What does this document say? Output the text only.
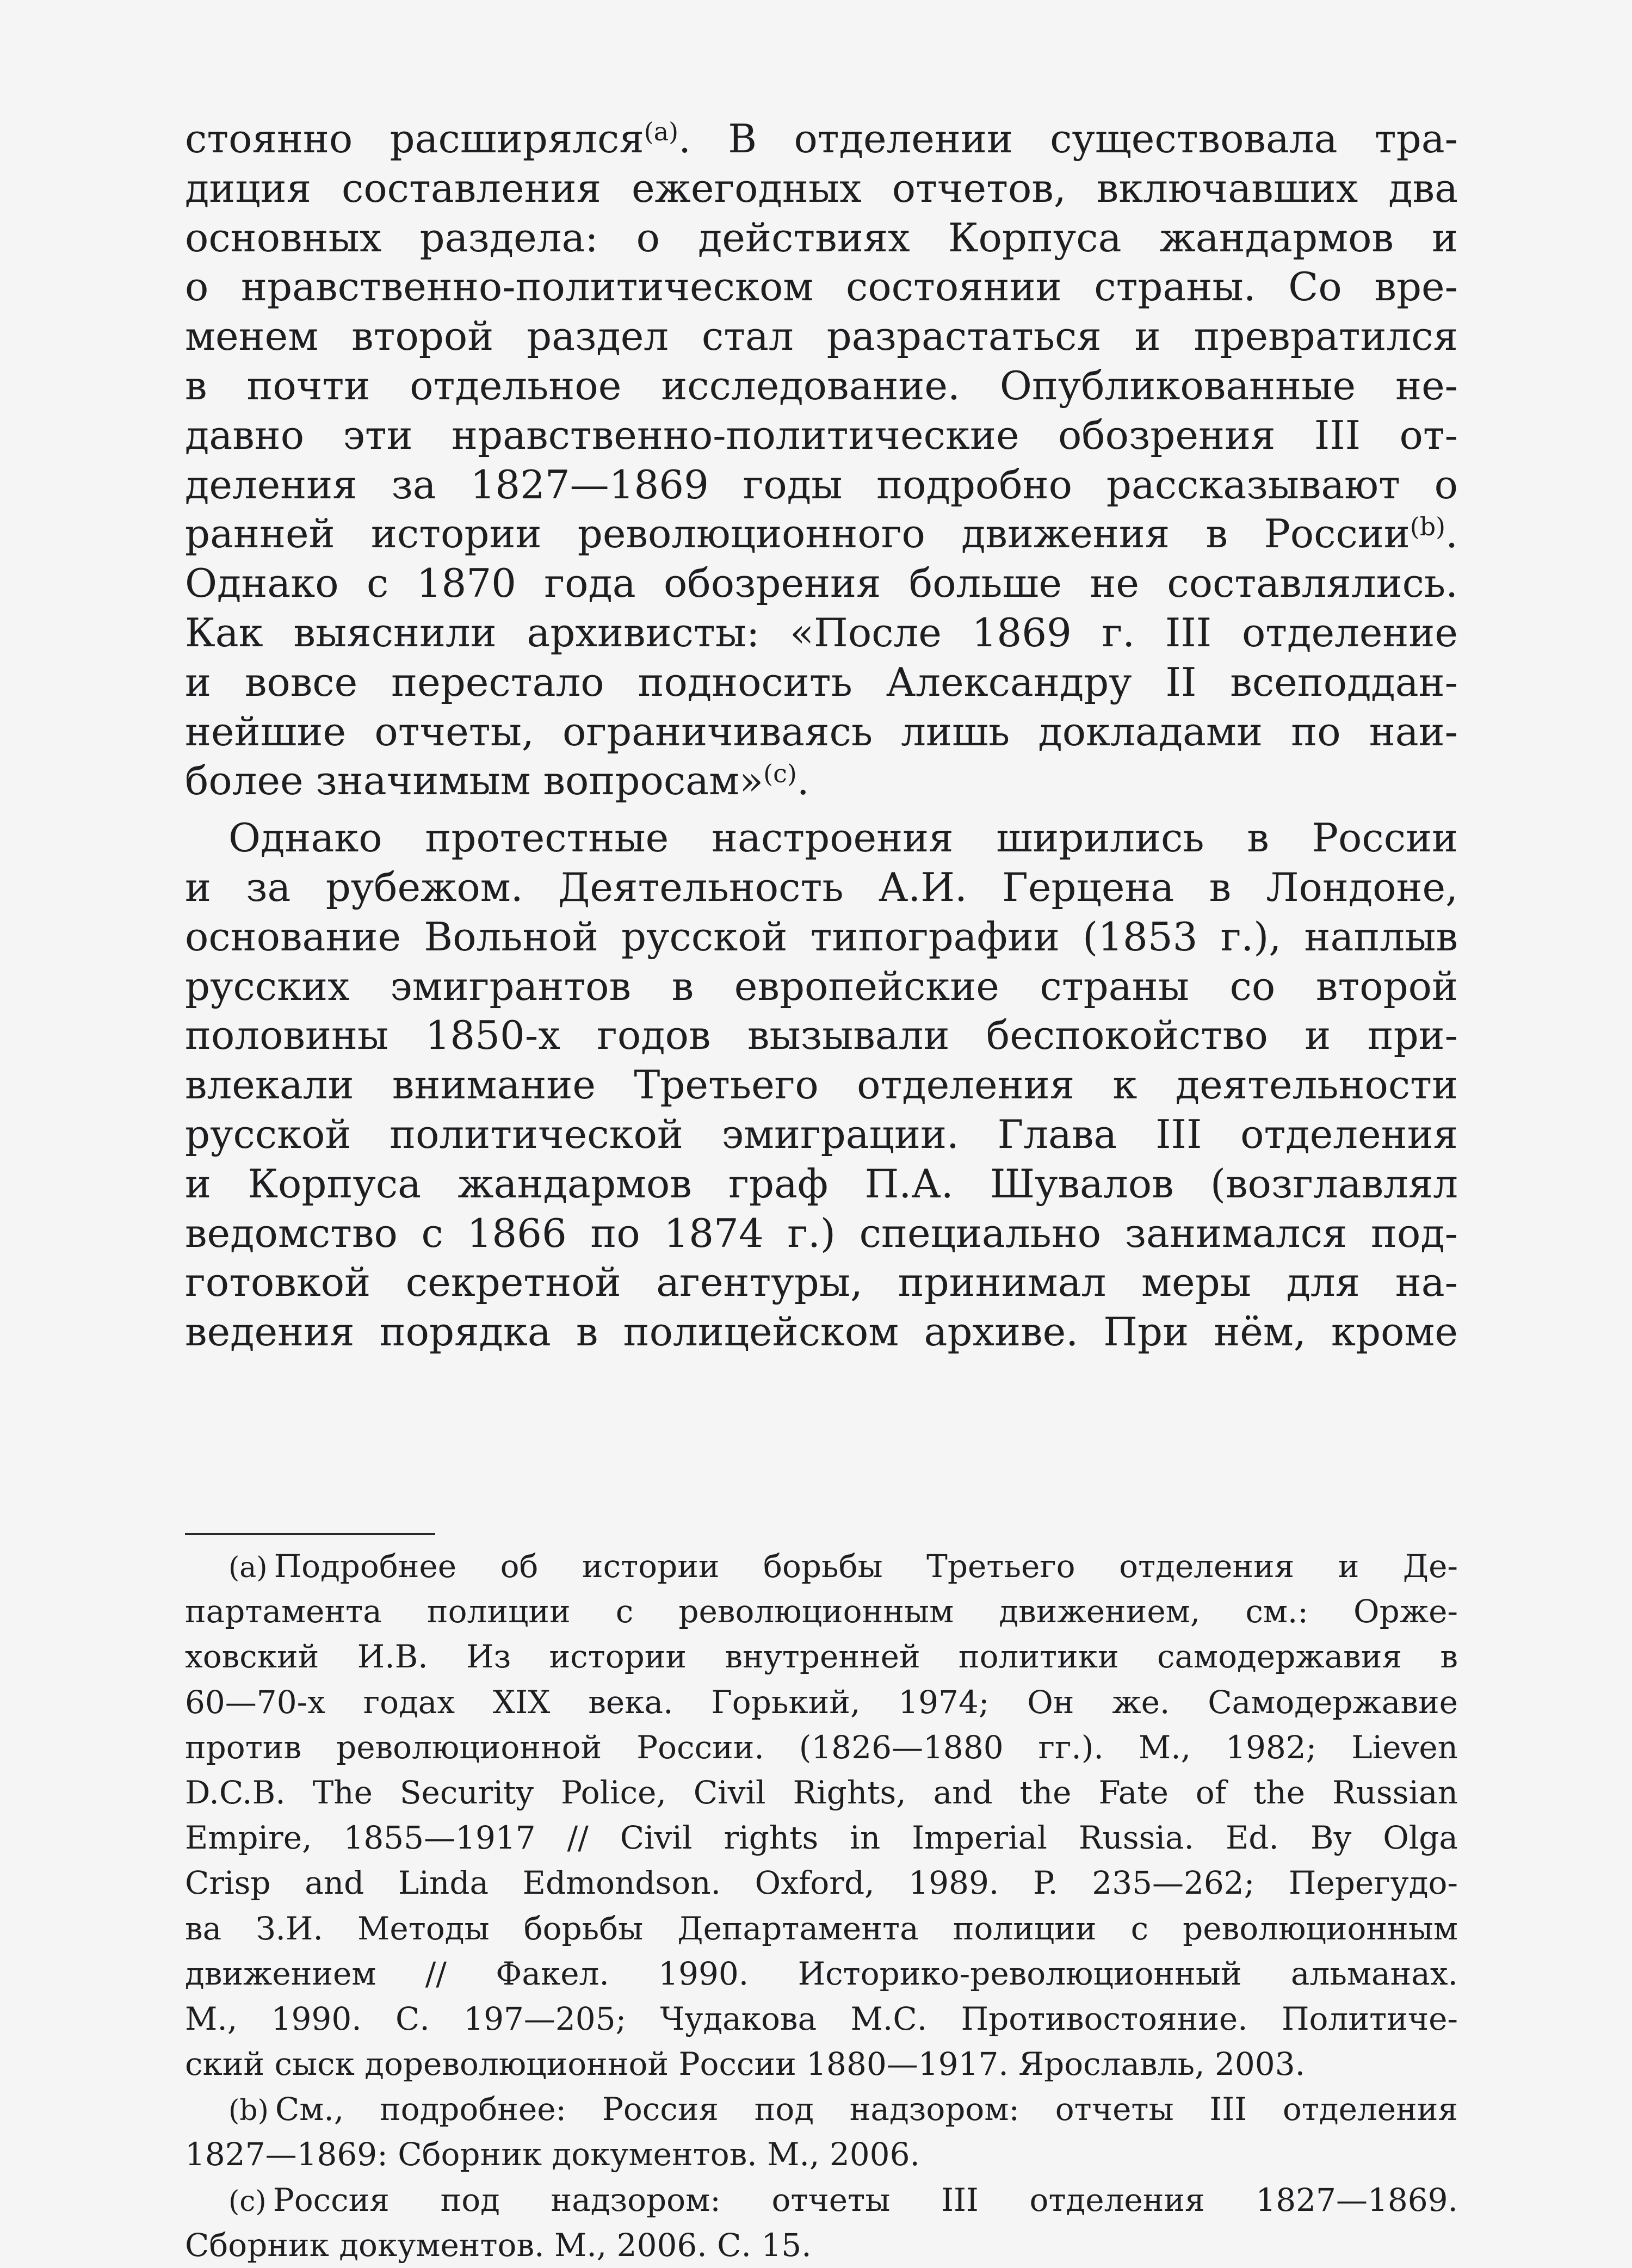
стоянно расширялся$^{(a)}$. В отделении существовала тра-
диция составления ежегодных отчетов, включавших два
основных раздела: о действиях Корпуса жандармов и
о нравственно-политическом состоянии страны. Со вре-
менем второй раздел стал разрастаться и превратился
в почти отдельное исследование. Опубликованные не-
давно эти нравственно-политические обозрения III от-
деления за 1827—1869 годы подробно рассказывают о
ранней истории революционного движения в России$^{(b)}$.
Однако с 1870 года обозрения больше не составлялись.
Как выяснили архивисты: «После 1869 г. III отделение
и вовсе перестало подносить Александру II всеподдан-
нейшие отчеты, ограничиваясь лишь докладами по наи-
более значимым вопросам»$^{(c)}$.
Однако протестные настроения ширились в России
и за рубежом. Деятельность А.И. Герцена в Лондоне,
основание Вольной русской типографии (1853 г.), наплыв
русских эмигрантов в европейские страны со второй
половины 1850-х годов вызывали беспокойство и при-
влекали внимание Третьего отделения к деятельности
русской политической эмиграции. Глава III отделения
и Корпуса жандармов граф П.А. Шувалов (возглавлял
ведомство с 1866 по 1874 г.) специально занимался под-
готовкой секретной агентуры, принимал меры для на-
ведения порядка в полицейском архиве. При нём, кроме
(a) Подробнее об истории борьбы Третьего отделения и Де-
партамента полиции с революционным движением, см.: Орже-
ховский И.В. Из истории внутренней политики самодержавия в
60—70-х годах XIX века. Горький, 1974; Он же. Самодержавие
против революционной России. (1826—1880 гг.). М., 1982; Lieven
D.C.B. The Security Police, Civil Rights, and the Fate of the Russian
Empire, 1855—1917 // Civil rights in Imperial Russia. Ed. By Olga
Crisp and Linda Edmondson. Oxford, 1989. P. 235—262; Перегудо-
ва З.И. Методы борьбы Департамента полиции с революционным
движением // Факел. 1990. Историко-революционный альманах.
М., 1990. С. 197—205; Чудакова М.С. Противостояние. Политиче-
ский сыск дореволюционной России 1880—1917. Ярославль, 2003.
(b) См., подробнее: Россия под надзором: отчеты III отделения
1827—1869: Сборник документов. М., 2006.
(c) Россия под надзором: отчеты III отделения 1827—1869.
Сборник документов. М., 2006. С. 15.
